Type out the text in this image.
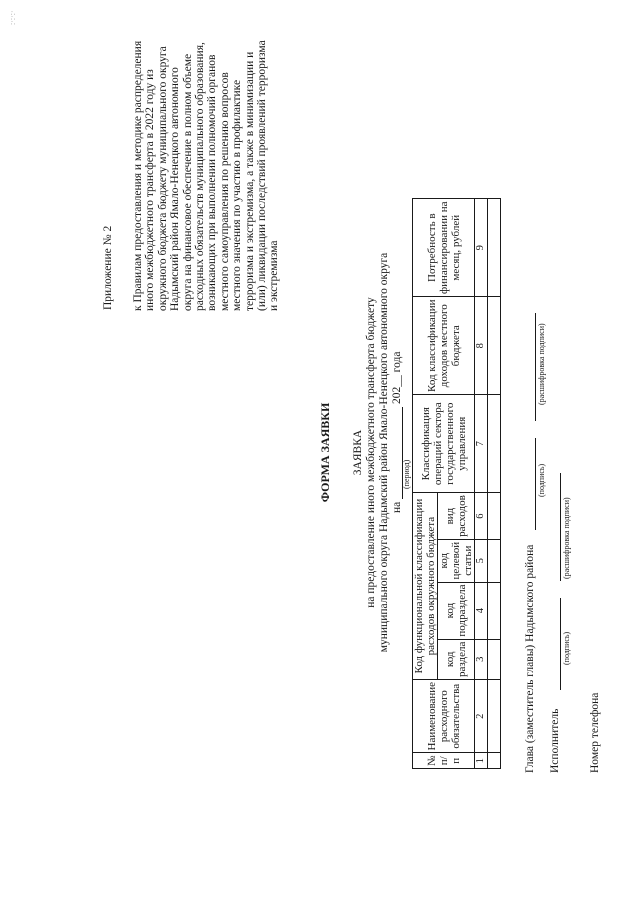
:·:·:·
Приложение № 2 к Правилам предоставления и методике распределения иного межбюджетного трансферта в 2022 году из окружного бюджета бюджету муниципального округа Надымский район Ямало-Ненецкого автономного округа на финансовое обеспечение в полном объеме расходных обязательств муниципального образования, возникающих при выполнении полномочий органов местного самоуправления по решению вопросов местного значения по участию в профилактике терроризма и экстремизма, а также в минимизации и (или) ликвидации последствий проявлений терроризма и экстремизма
ФОРМА ЗАЯВКИ ЗАЯВКА на предоставление иного межбюджетного трансферта бюджету муниципального округа Надымский район Ямало-Ненецкого автономного округа на  202__ года
(период)
№ п/п	Наименование расходного обязательства	Код функциональной классификации расходов окружного бюджета				Классификация операций сектора государственного управления	Код классификации доходов местного бюджета	Потребность в финансировании на месяц, рублей
		код раздела	код подраздела	код целевой статьи	вид расходов			
1	2	3	4	5	6	7	8	9

Глава (заместитель главы) Надымского района
(подпись)
(расшифровка подписи)
Исполнитель
(подпись)
(расшифровка подписи)
Номер телефона
